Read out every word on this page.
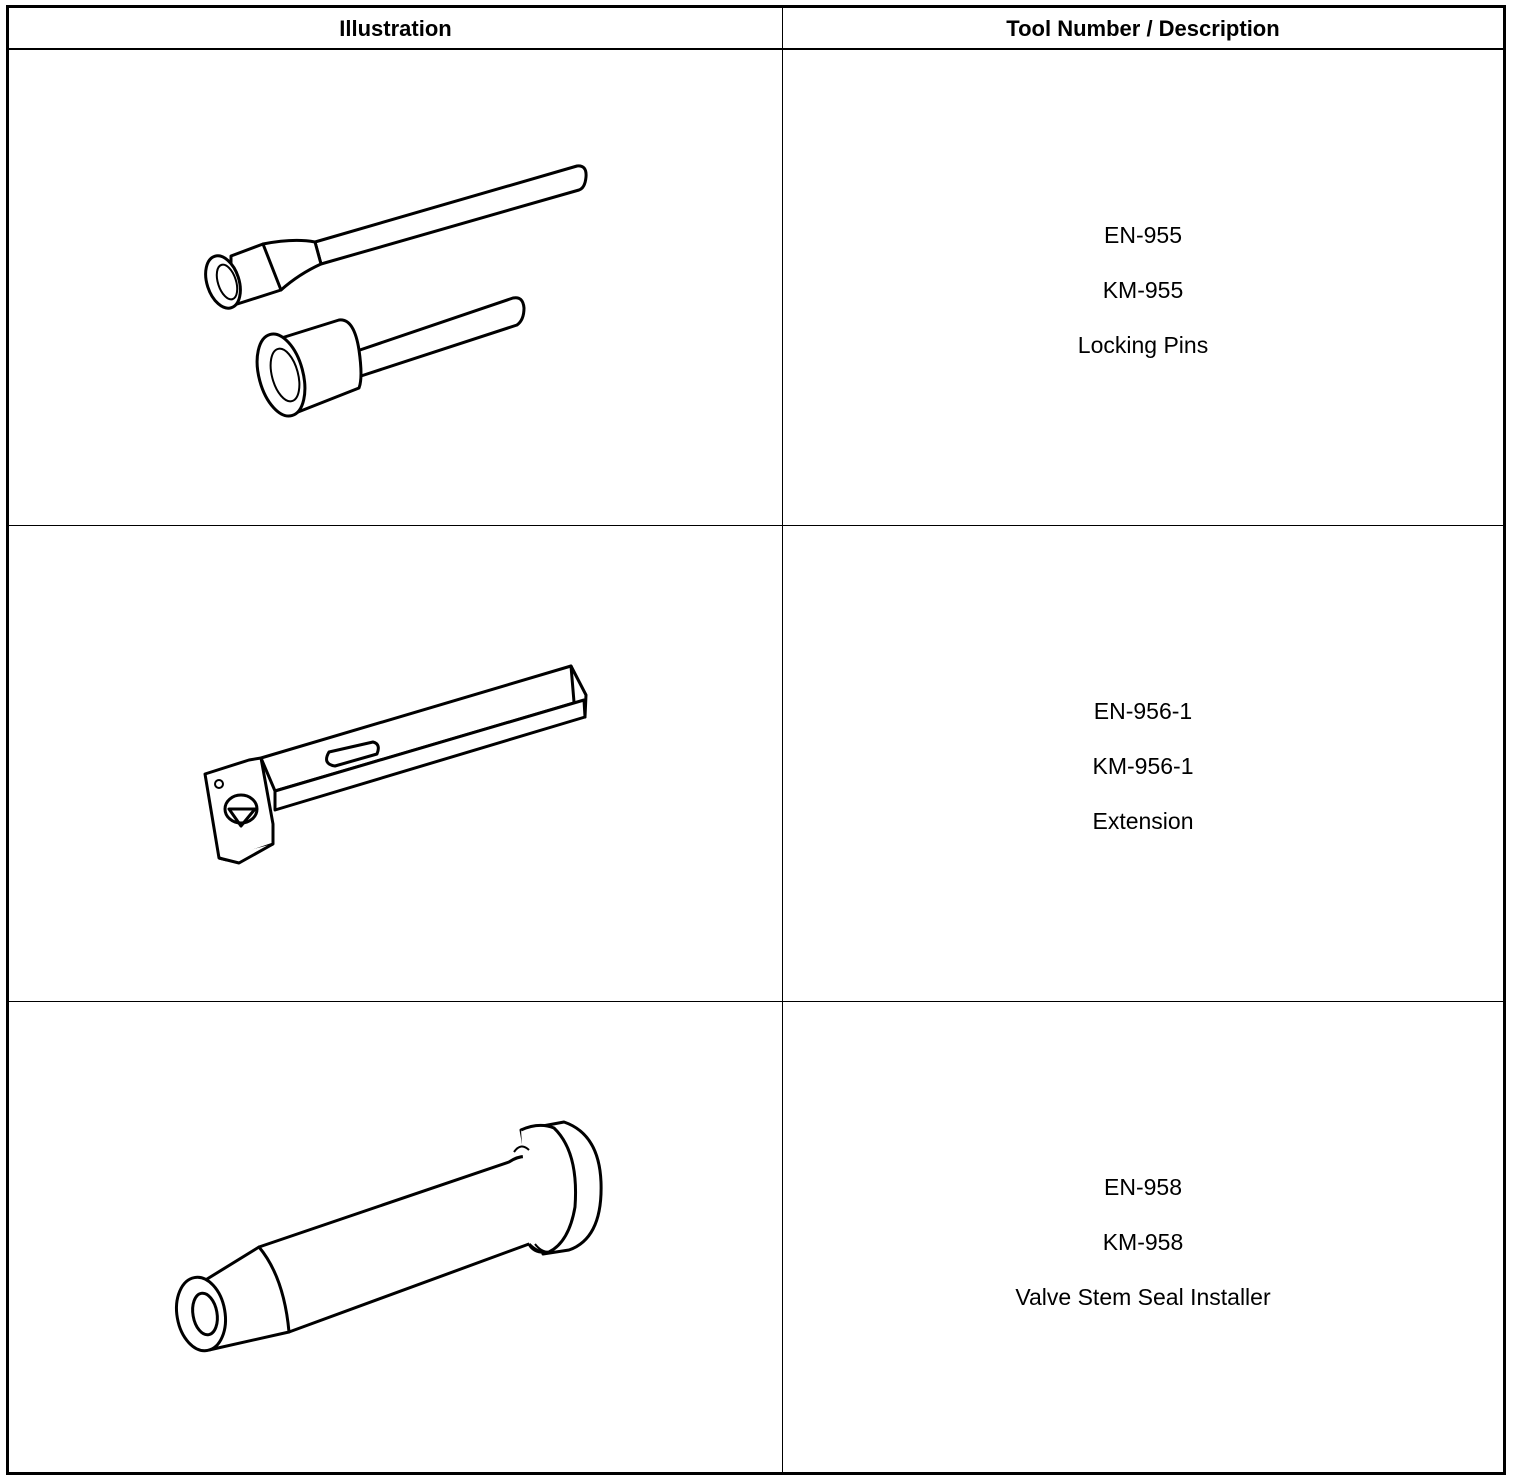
Illustration	Tool Number / Description
EN-955
KM-955
Locking Pins
EN-956-1
KM-956-1
Extension
EN-958
KM-958
Valve Stem Seal Installer
